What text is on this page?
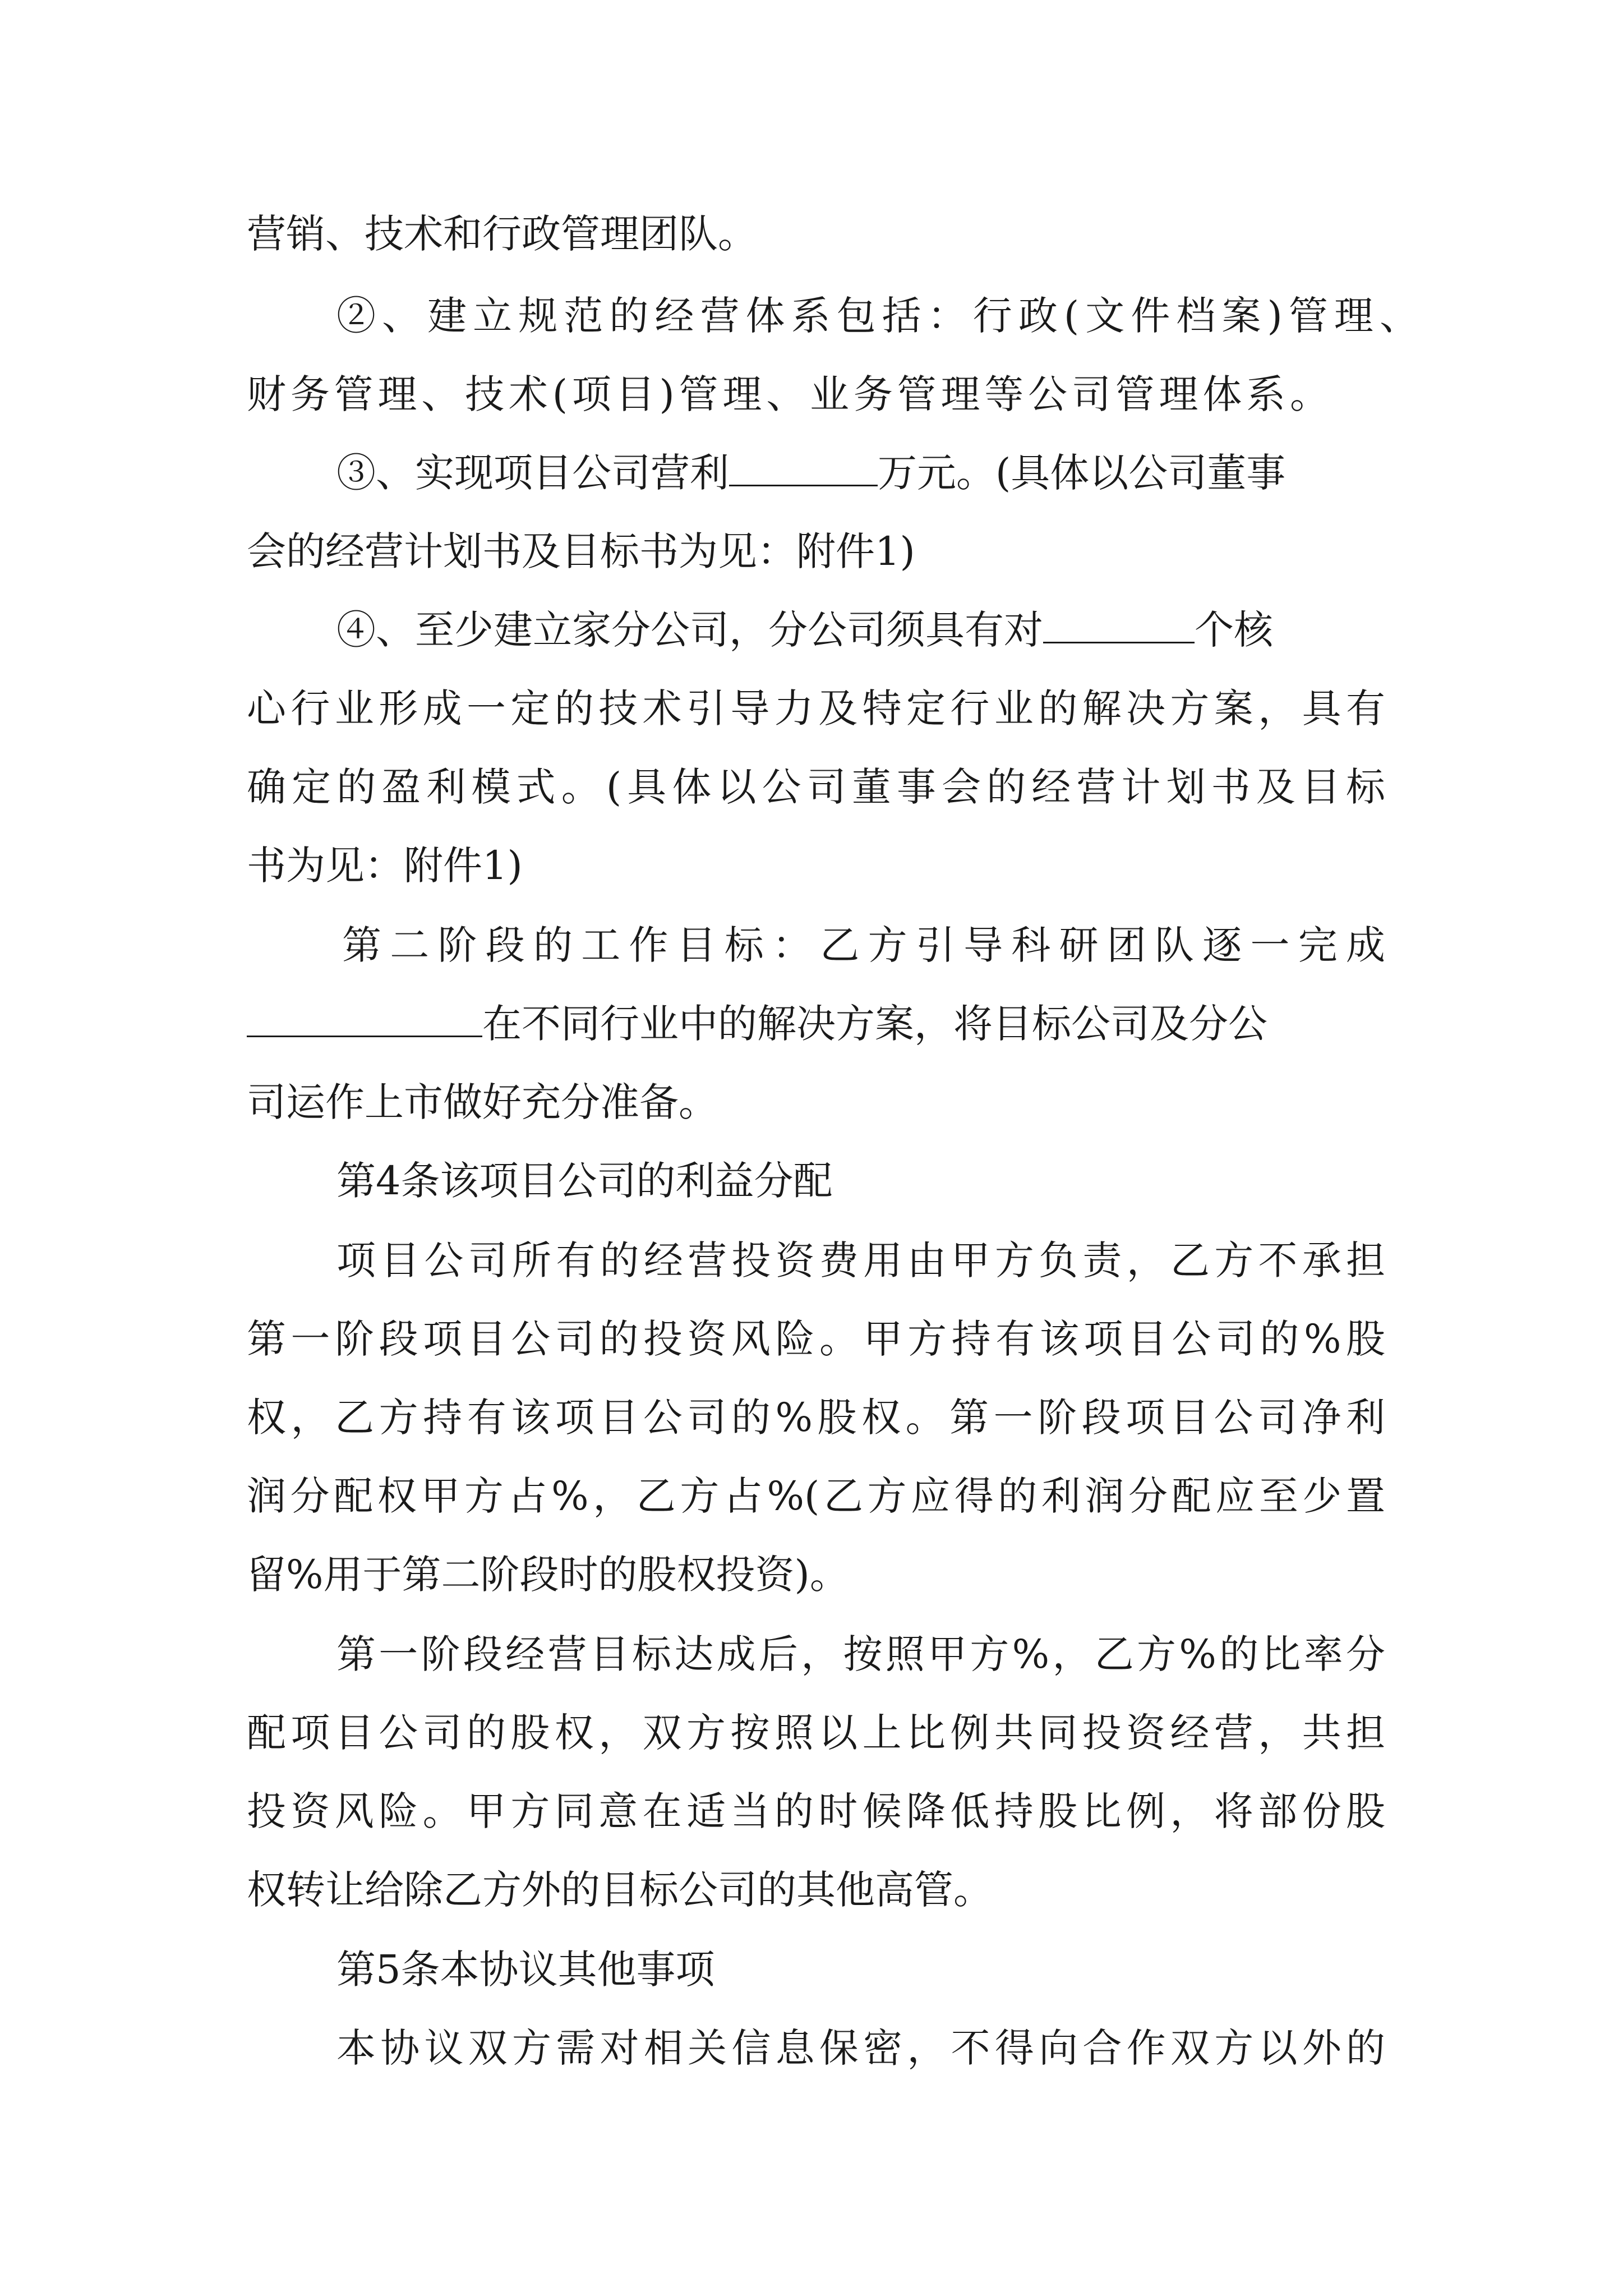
营销、技术和行政管理团队。

②、建立规范的经营体系包括：行政(文件档案)管理、

财务管理、技术(项目)管理、业务管理等公司管理体系。

③、实现项目公司营利	万元。(具体以公司董事

会的经营计划书及目标书为见：附件1)

④、至少建立家分公司，分公司须具有对	个核

心行业形成一定的技术引导力及特定行业的解决方案，具有

确定的盈利模式。(具体以公司董事会的经营计划书及目标

书为见：附件1)

第二阶段的工作目标：乙方引导科研团队逐一完成

在不同行业中的解决方案，将目标公司及分公

司运作上市做好充分准备。

第4条该项目公司的利益分配

项目公司所有的经营投资费用由甲方负责，乙方不承担

第一阶段项目公司的投资风险。甲方持有该项目公司的%股

权，乙方持有该项目公司的%股权。第一阶段项目公司净利

润分配权甲方占%，乙方占%(乙方应得的利润分配应至少置

留%用于第二阶段时的股权投资)。

第一阶段经营目标达成后，按照甲方%，乙方%的比率分

配项目公司的股权，双方按照以上比例共同投资经营，共担

投资风险。甲方同意在适当的时候降低持股比例，将部份股

权转让给除乙方外的目标公司的其他高管。

第5条本协议其他事项

本协议双方需对相关信息保密，不得向合作双方以外的
